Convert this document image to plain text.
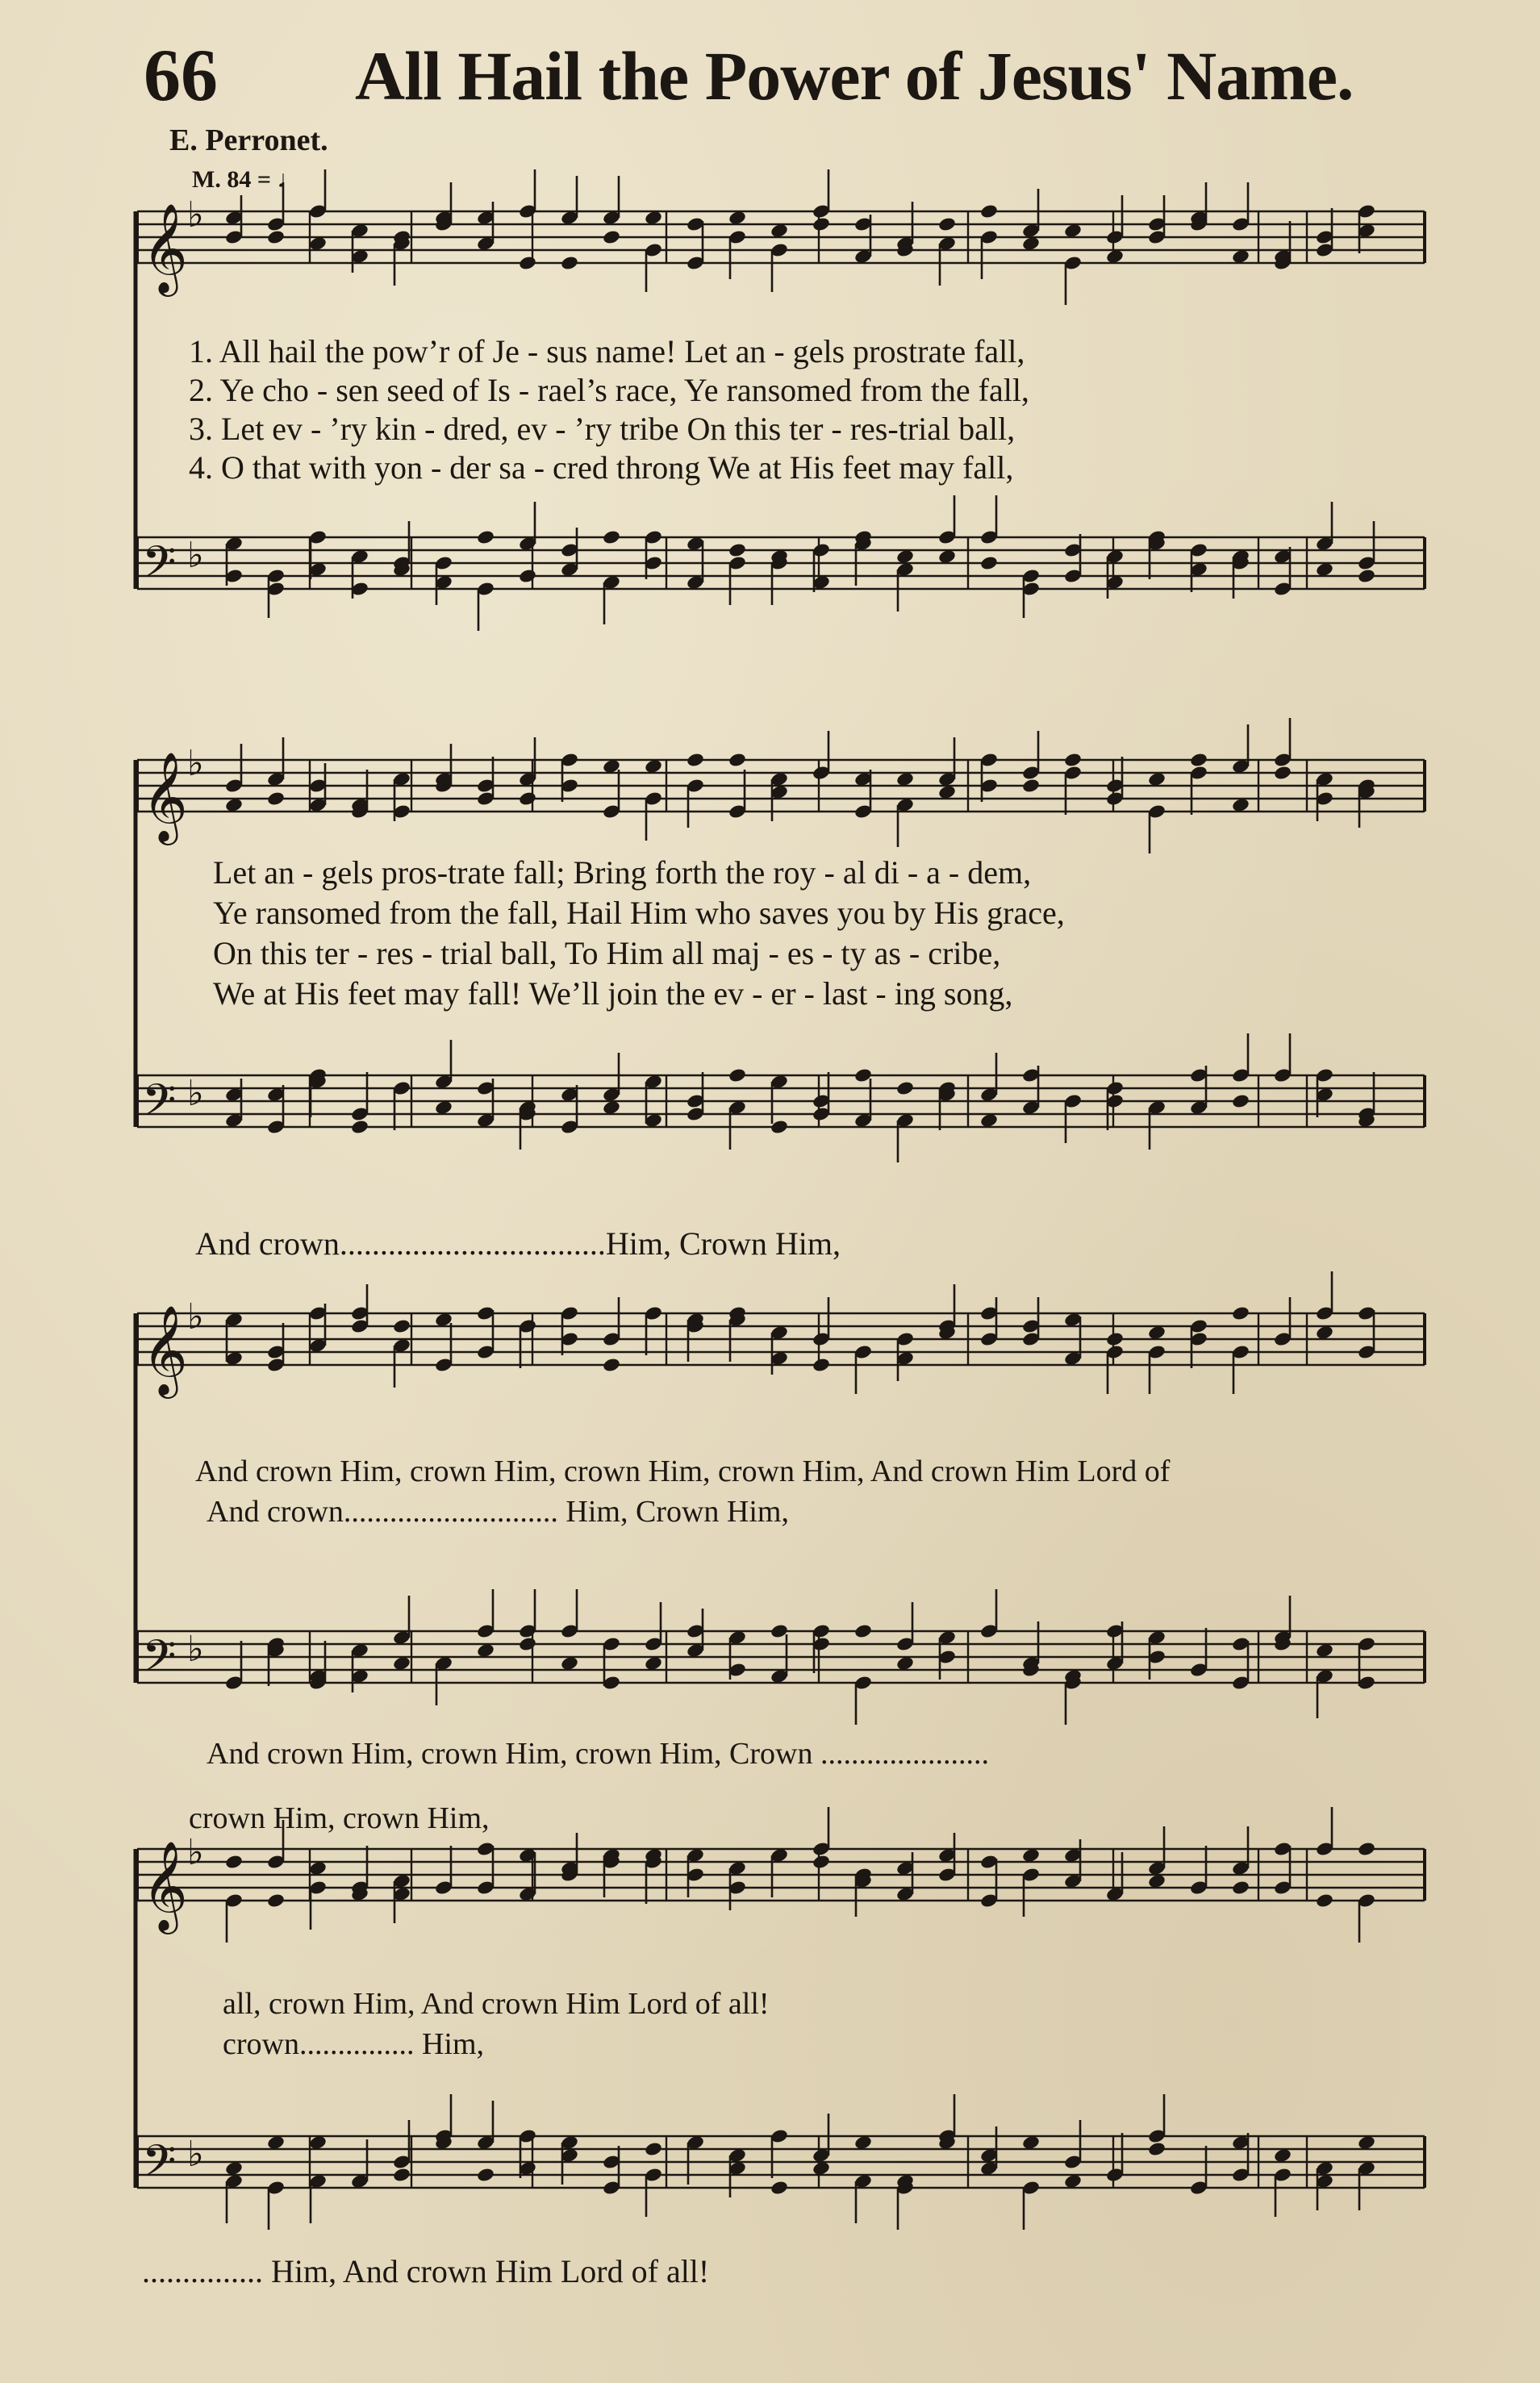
66 All Hail the Power of Jesus' Name.
E. Perronet.
M. 84 = ♩
𝄞 ♭
𝄢 ♭
𝄞 ♭
𝄢 ♭
𝄞 ♭
𝄢 ♭
𝄞 ♭
𝄢 ♭
1. All hail the pow’r of Je - sus name! Let an - gels prostrate fall,
2. Ye cho - sen seed of Is - rael’s race, Ye ransomed from the fall,
3. Let ev - ’ry kin - dred, ev - ’ry tribe On this ter - res-trial ball,
4. O that with yon - der sa - cred throng We at His feet may fall,
Let an - gels pros-trate fall; Bring forth the roy - al di - a - dem,
Ye ransomed from the fall, Hail Him who saves you by His grace,
On this ter - res - trial ball, To Him all maj - es - ty as - cribe,
We at His feet may fall! We’ll join the ev - er - last - ing song,
And crown.................................Him, Crown Him,
And crown Him, crown Him, crown Him, crown Him, And crown Him Lord of
And crown............................ Him, Crown Him,
And crown Him, crown Him, crown Him, Crown ......................
crown Him, crown Him,
all, crown Him, And crown Him Lord of all!
crown............... Him,
............... Him, And crown Him Lord of all!
